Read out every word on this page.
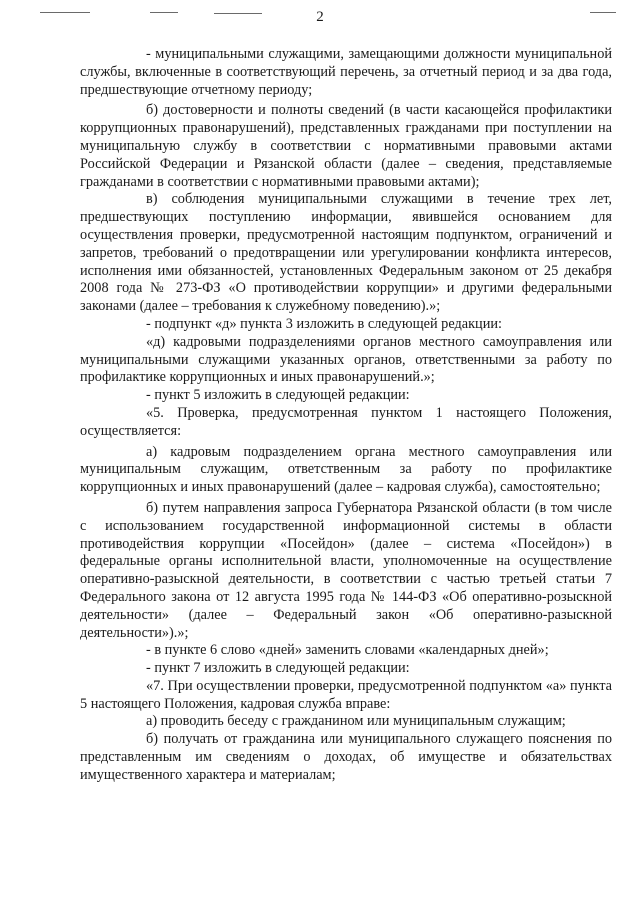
2

- муниципальными служащими, замещающими должности муниципальной службы, включенные в соответствующий перечень, за отчетный период и за два года, предшествующие отчетному периоду;

б) достоверности и полноты сведений (в части касающейся профилактики коррупционных правонарушений), представленных гражданами при поступлении на муниципальную службу в соответствии с нормативными правовыми актами Российской Федерации и Рязанской области (далее – сведения, представляемые гражданами в соответствии с нормативными правовыми актами);

в) соблюдения муниципальными служащими в течение трех лет, предшествующих поступлению информации, явившейся основанием для осуществления проверки, предусмотренной настоящим подпунктом, ограничений и запретов, требований о предотвращении или урегулировании конфликта интересов, исполнения ими обязанностей, установленных Федеральным законом от 25 декабря 2008 года № 273-ФЗ «О противодействии коррупции» и другими федеральными законами (далее – требования к служебному поведению).»;

- подпункт «д» пункта 3 изложить в следующей редакции:

«д) кадровыми подразделениями органов местного самоуправления или муниципальными служащими указанных органов, ответственными за работу по профилактике коррупционных и иных правонарушений.»;

- пункт 5 изложить в следующей редакции:

«5. Проверка, предусмотренная пунктом 1 настоящего Положения, осуществляется:

а) кадровым подразделением органа местного самоуправления или муниципальным служащим, ответственным за работу по профилактике коррупционных и иных правонарушений (далее – кадровая служба), самостоятельно;

б) путем направления запроса Губернатора Рязанской области (в том числе с использованием государственной информационной системы в области противодействия коррупции «Посейдон» (далее – система «Посейдон») в федеральные органы исполнительной власти, уполномоченные на осуществление оперативно-разыскной деятельности, в соответствии с частью третьей статьи 7 Федерального закона от 12 августа 1995 года № 144-ФЗ «Об оперативно-розыскной деятельности» (далее – Федеральный закон «Об оперативно-разыскной деятельности»).»;

- в пункте 6 слово «дней» заменить словами «календарных дней»;

- пункт 7 изложить в следующей редакции:

«7. При осуществлении проверки, предусмотренной подпунктом «а» пункта 5 настоящего Положения, кадровая служба вправе:

а) проводить беседу с гражданином или муниципальным служащим;

б) получать от гражданина или муниципального служащего пояснения по представленным им сведениям о доходах, об имуществе и обязательствах имущественного характера и материалам;
